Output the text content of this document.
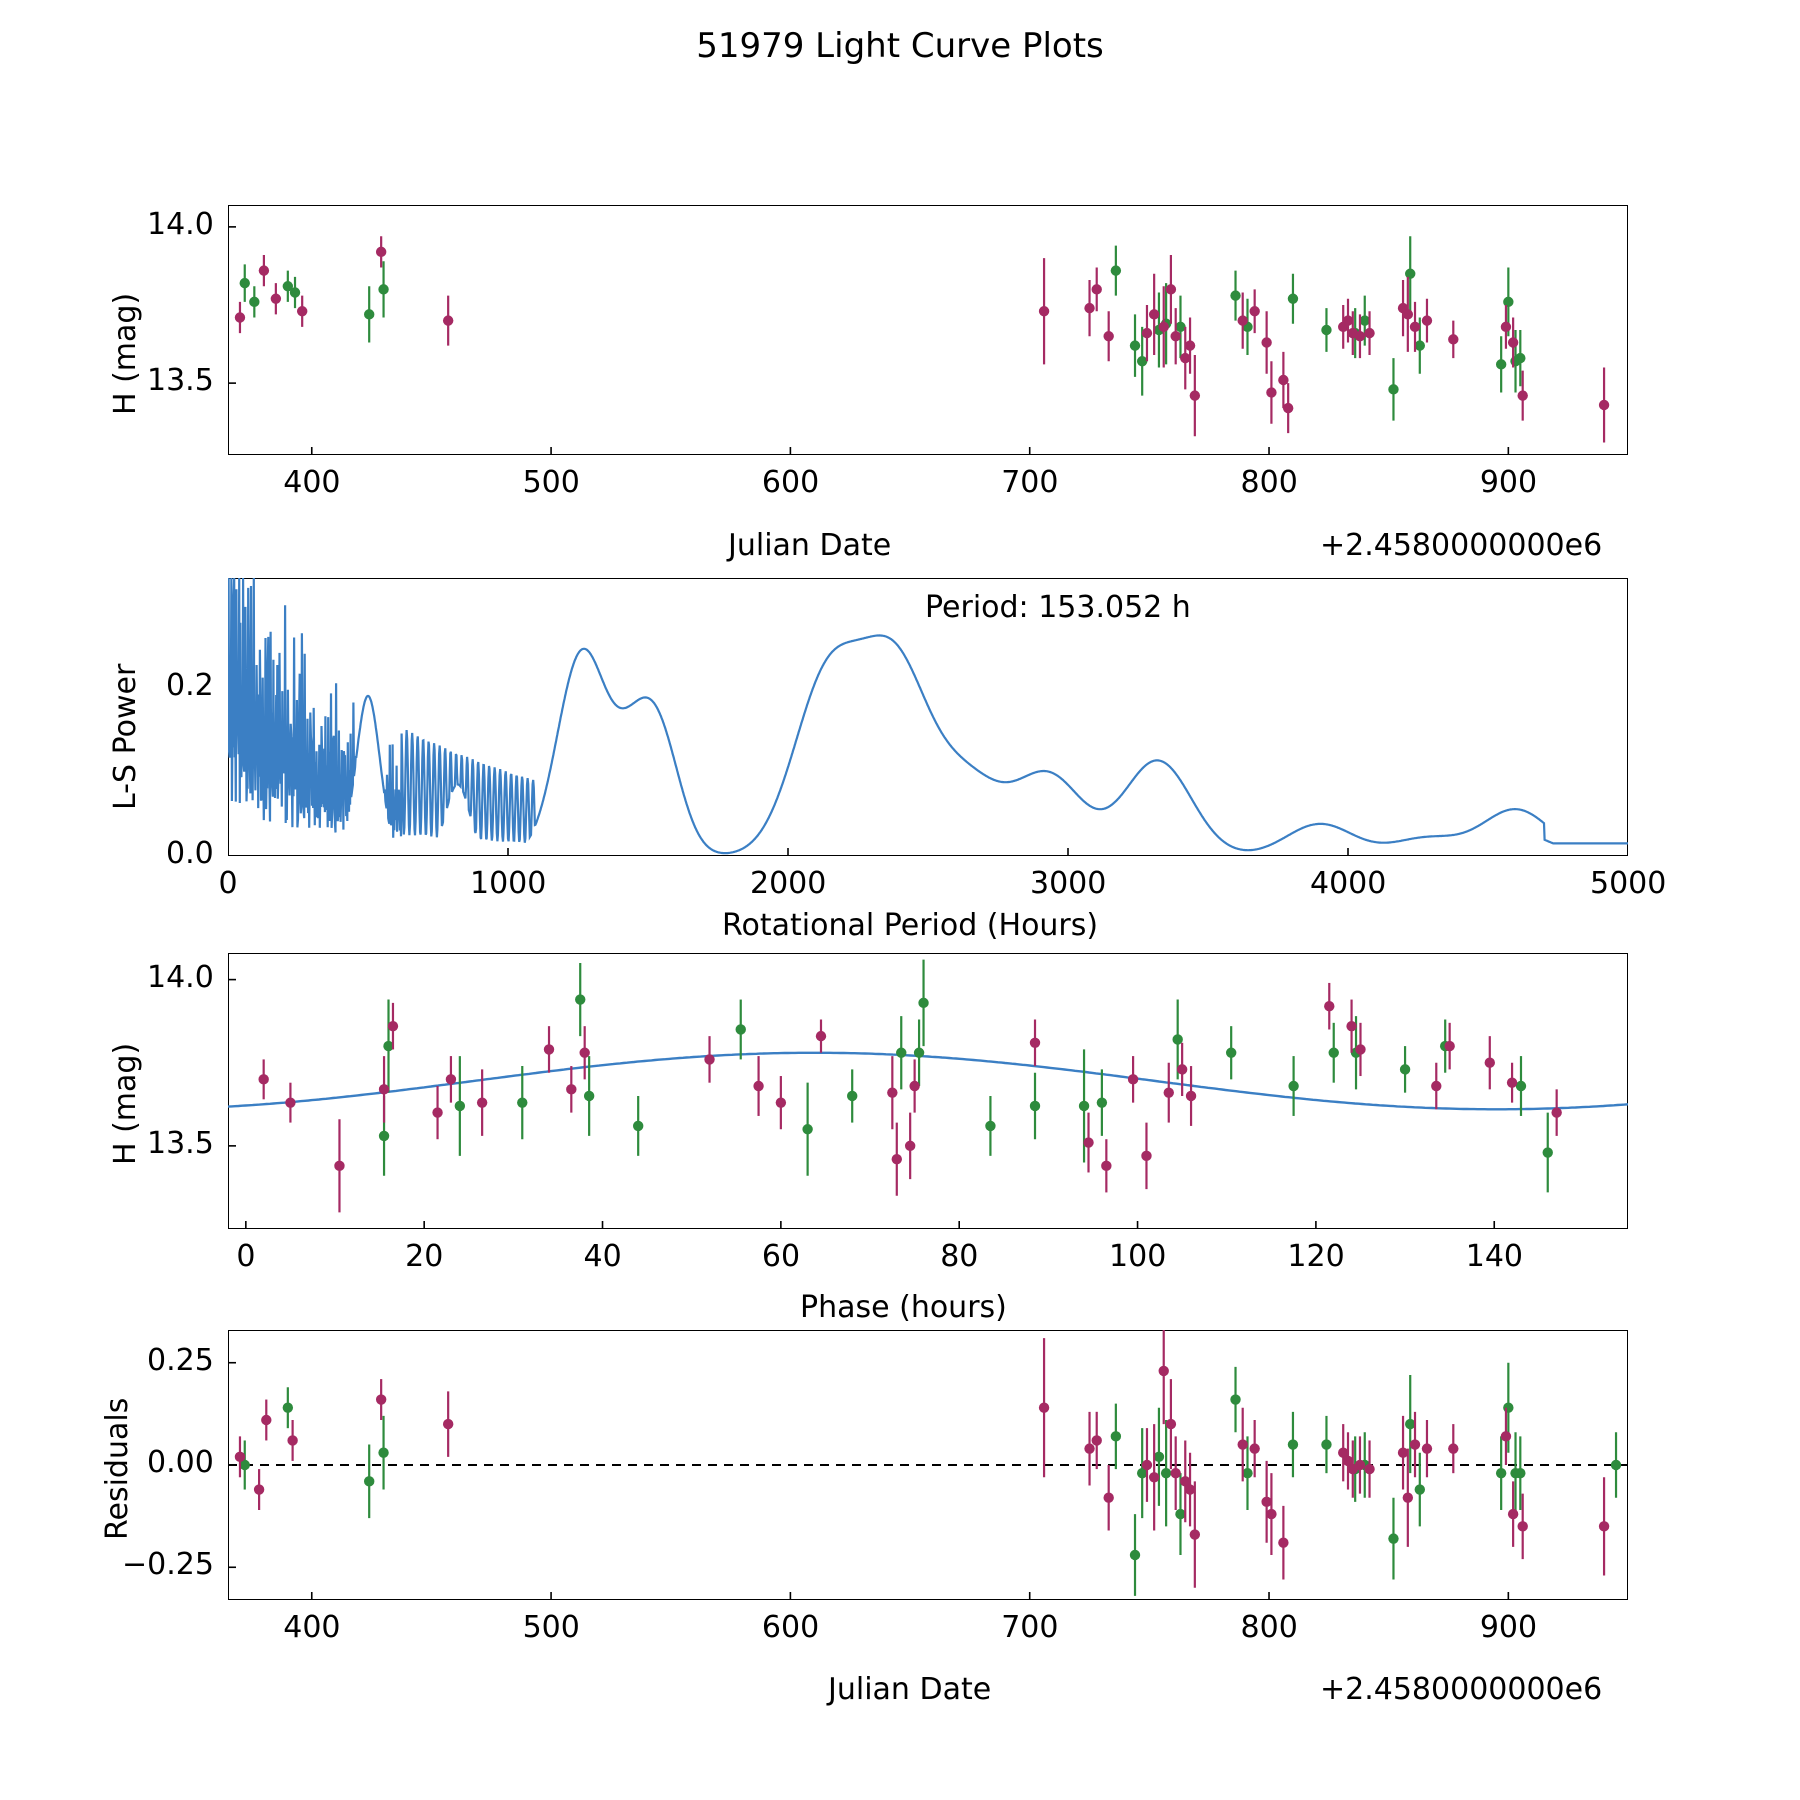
51979 Light Curve Plots
H (mag)
Julian Date	+2.4580000000e6
L-S Power
Rotational Period (Hours)
Period: 153.052 h
H (mag)
Phase (hours)
Residuals
Julian Date	+2.4580000000e6
400	500	600	700	800	900
13.5
14.0
0	1000	2000	3000	4000	5000
0.0
0.2
0	20	40	60	80	100	120	140
13.5
14.0
400	500	600	700	800	900
−0.25
0.00
0.25
